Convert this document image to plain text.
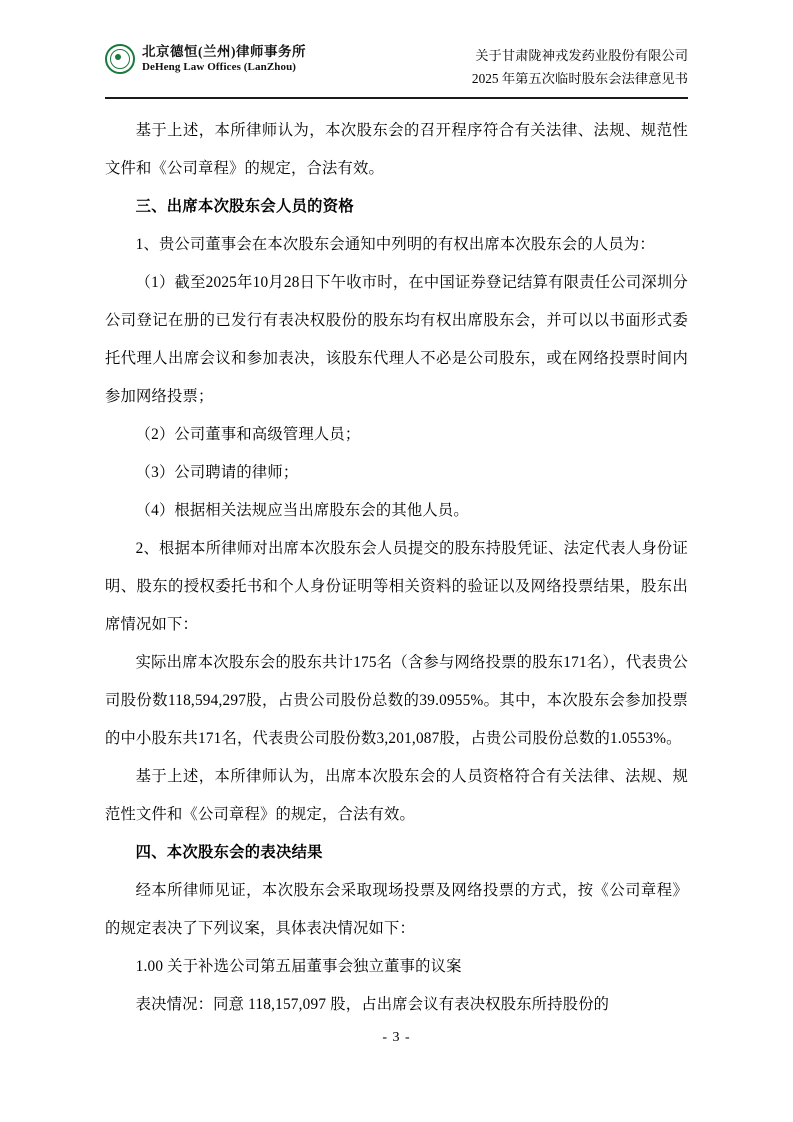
北京德恒(兰州)律师事务所
DeHeng Law Offices (LanZhou)
关于甘肃陇神戎发药业股份有限公司
2025 年第五次临时股东会法律意见书

基于上述，本所律师认为，本次股东会的召开程序符合有关法律、法规、规范性文件和《公司章程》的规定，合法有效。

三、出席本次股东会人员的资格

1、贵公司董事会在本次股东会通知中列明的有权出席本次股东会的人员为：

（1）截至2025年10月28日下午收市时，在中国证券登记结算有限责任公司深圳分公司登记在册的已发行有表决权股份的股东均有权出席股东会，并可以以书面形式委托代理人出席会议和参加表决，该股东代理人不必是公司股东，或在网络投票时间内参加网络投票；

（2）公司董事和高级管理人员；

（3）公司聘请的律师；

（4）根据相关法规应当出席股东会的其他人员。

2、根据本所律师对出席本次股东会人员提交的股东持股凭证、法定代表人身份证明、股东的授权委托书和个人身份证明等相关资料的验证以及网络投票结果，股东出席情况如下：

实际出席本次股东会的股东共计175名（含参与网络投票的股东171名），代表贵公司股份数118,594,297股，占贵公司股份总数的39.0955%。其中，本次股东会参加投票的中小股东共171名，代表贵公司股份数3,201,087股，占贵公司股份总数的1.0553%。

基于上述，本所律师认为，出席本次股东会的人员资格符合有关法律、法规、规范性文件和《公司章程》的规定，合法有效。

四、本次股东会的表决结果

经本所律师见证，本次股东会采取现场投票及网络投票的方式，按《公司章程》的规定表决了下列议案，具体表决情况如下：

1.00 关于补选公司第五届董事会独立董事的议案

表决情况：同意 118,157,097 股，占出席会议有表决权股东所持股份的

- 3 -
